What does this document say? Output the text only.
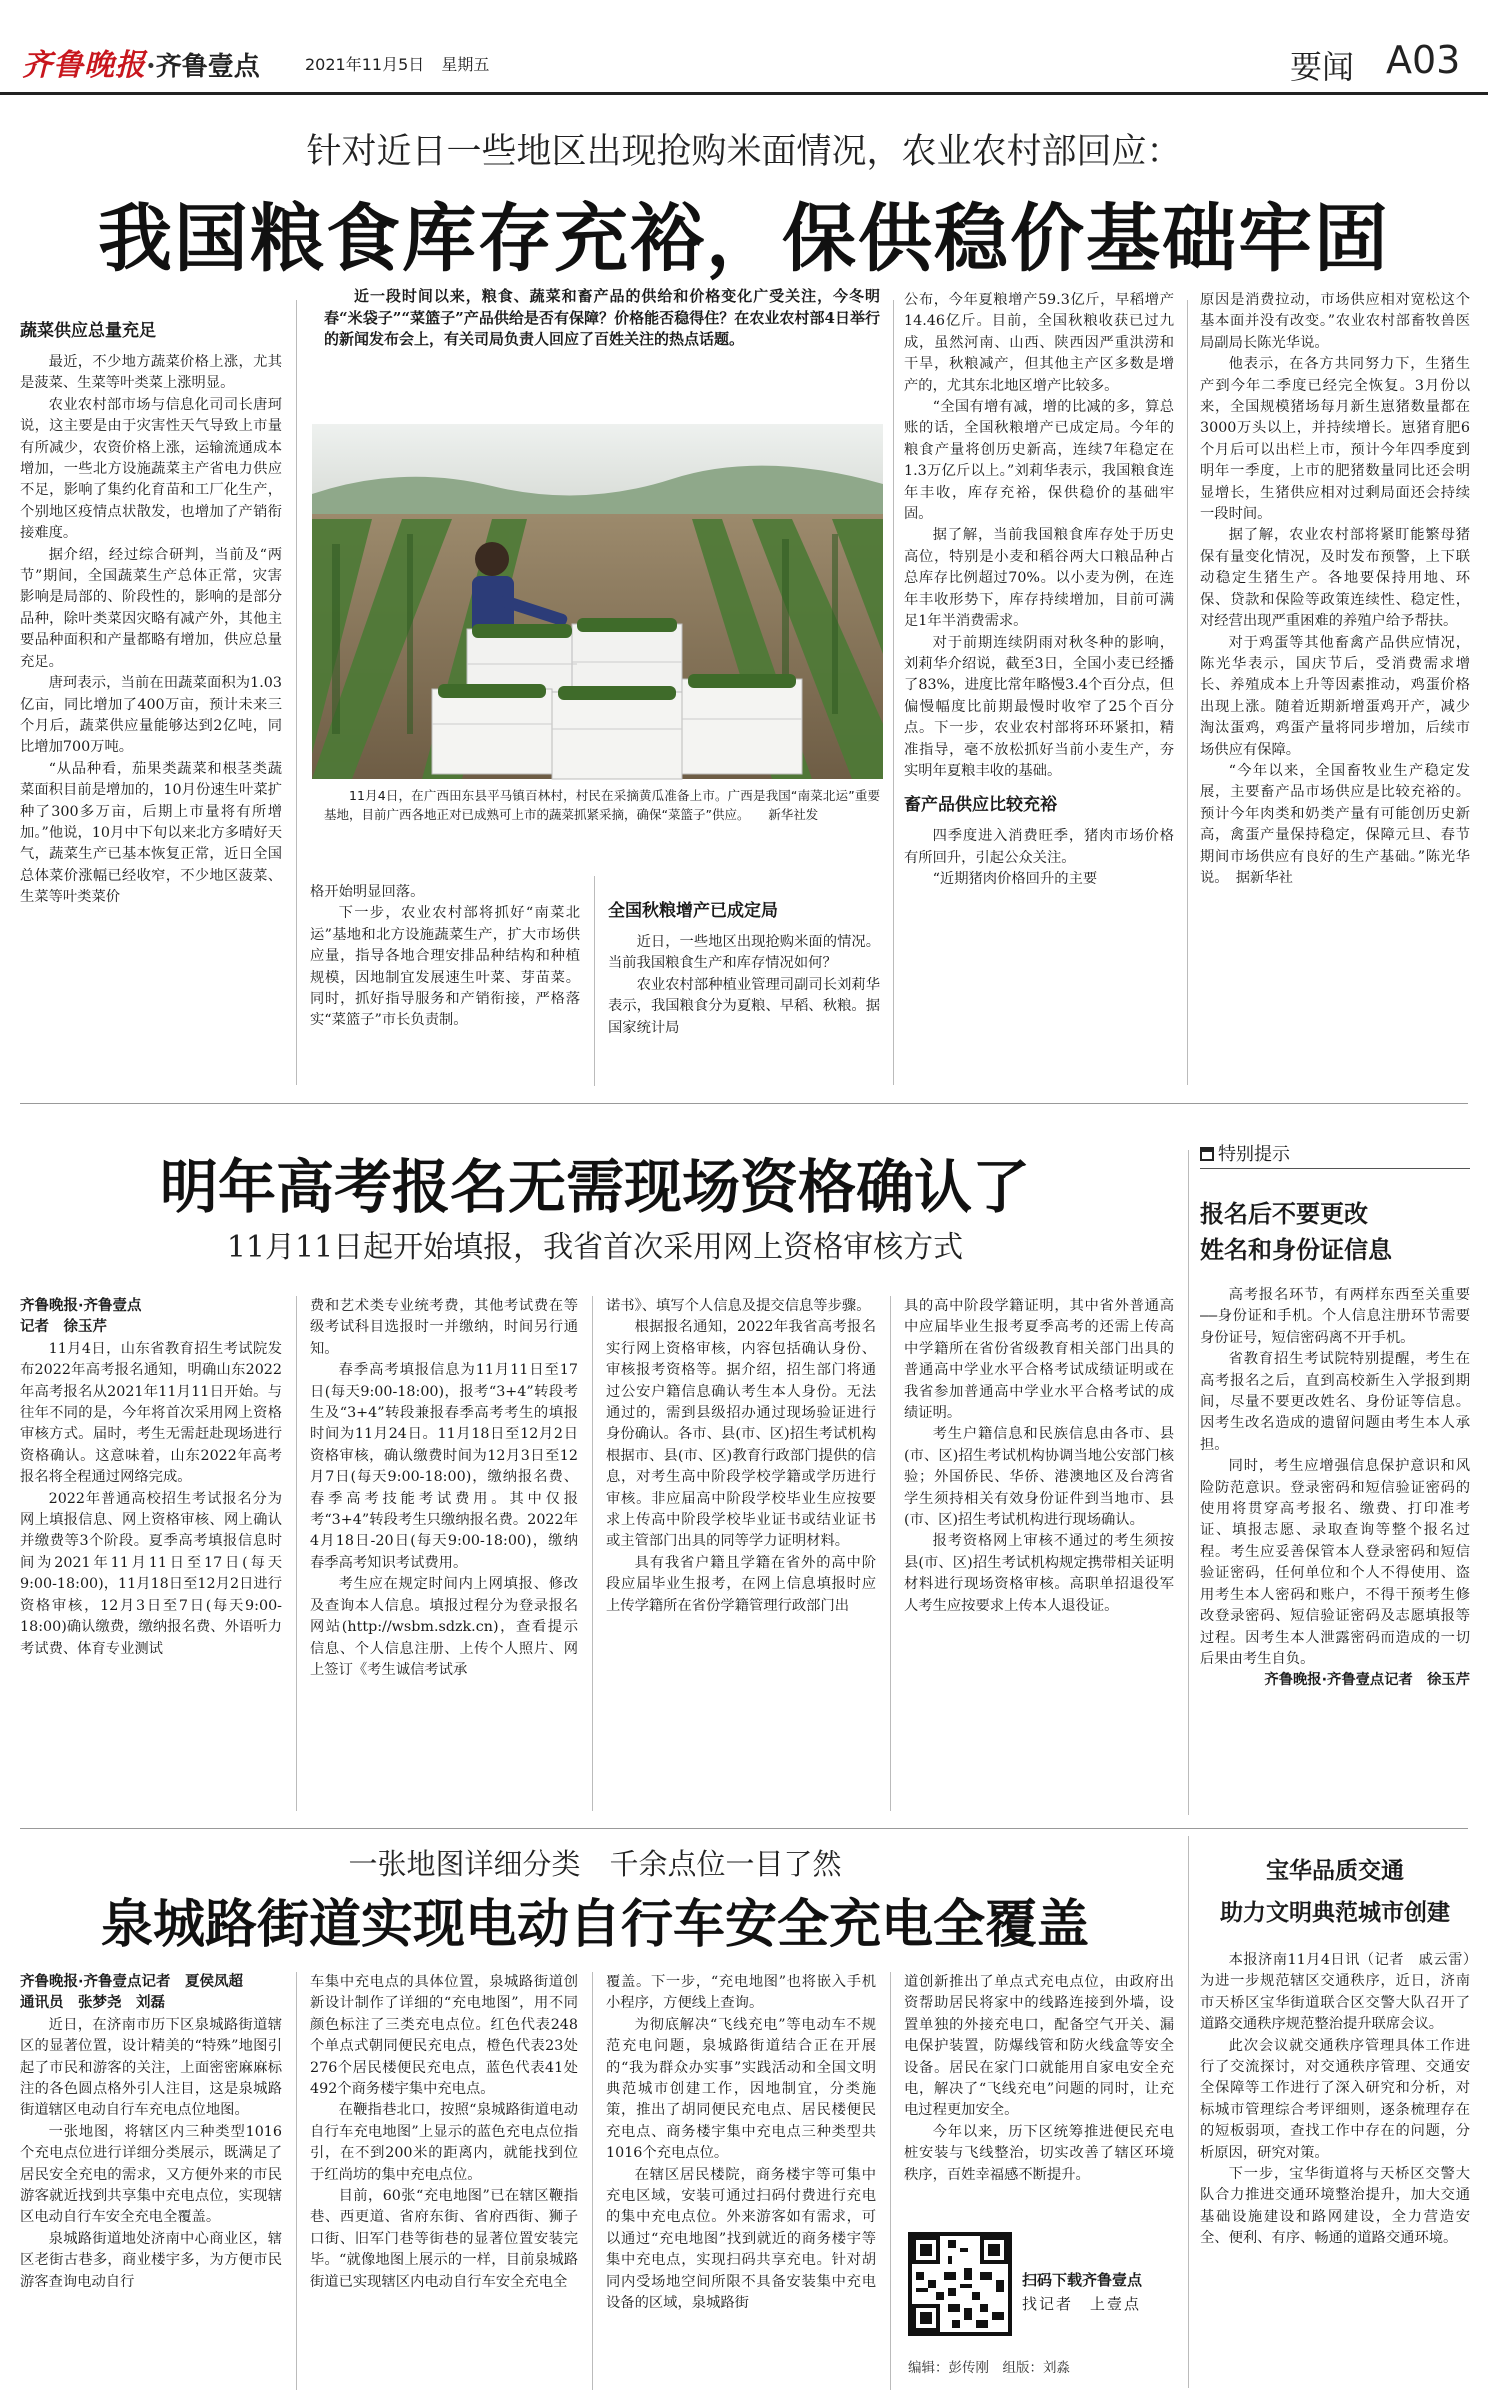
齐鲁晚报·齐鲁壹点	2021年11月5日 星期五	要闻 A03
针对近日一些地区出现抢购米面情况，农业农村部回应：
我国粮食库存充裕，保供稳价基础牢固

蔬菜供应总量充足

最近，不少地方蔬菜价格上涨，尤其是菠菜、生菜等叶类菜上涨明显。

农业农村部市场与信息化司司长唐珂说，这主要是由于灾害性天气导致上市量有所减少，农资价格上涨，运输流通成本增加，一些北方设施蔬菜主产省电力供应不足，影响了集约化育苗和工厂化生产，个别地区疫情点状散发，也增加了产销衔接难度。

据介绍，经过综合研判，当前及“两节”期间，全国蔬菜生产总体正常，灾害影响是局部的、阶段性的，影响的是部分品种，除叶类菜因灾略有减产外，其他主要品种面积和产量都略有增加，供应总量充足。

唐珂表示，当前在田蔬菜面积为1.03亿亩，同比增加了400万亩，预计未来三个月后，蔬菜供应量能够达到2亿吨，同比增加700万吨。

“从品种看，茄果类蔬菜和根茎类蔬菜面积目前是增加的，10月份速生叶菜扩种了300多万亩，后期上市量将有所增加。”他说，10月中下旬以来北方多晴好天气，蔬菜生产已基本恢复正常，近日全国总体菜价涨幅已经收窄，不少地区菠菜、生菜等叶类菜价

近一段时间以来，粮食、蔬菜和畜产品的供给和价格变化广受关注，今冬明春“米袋子”“菜篮子”产品供给是否有保障？价格能否稳得住？在农业农村部4日举行的新闻发布会上，有关司局负责人回应了百姓关注的热点话题。
11月4日，在广西田东县平马镇百林村，村民在采摘黄瓜准备上市。广西是我国“南菜北运”重要基地，目前广西各地正对已成熟可上市的蔬菜抓紧采摘，确保“菜篮子”供应。　　新华社发

格开始明显回落。

下一步，农业农村部将抓好“南菜北运”基地和北方设施蔬菜生产，扩大市场供应量，指导各地合理安排品种结构和种植规模，因地制宜发展速生叶菜、芽苗菜。同时，抓好指导服务和产销衔接，严格落实“菜篮子”市长负责制。

全国秋粮增产已成定局

近日，一些地区出现抢购米面的情况。当前我国粮食生产和库存情况如何？

农业农村部种植业管理司副司长刘莉华表示，我国粮食分为夏粮、早稻、秋粮。据国家统计局

公布，今年夏粮增产59.3亿斤，早稻增产14.46亿斤。目前，全国秋粮收获已过九成，虽然河南、山西、陕西因严重洪涝和干旱，秋粮减产，但其他主产区多数是增产的，尤其东北地区增产比较多。

“全国有增有减，增的比减的多，算总账的话，全国秋粮增产已成定局。今年的粮食产量将创历史新高，连续7年稳定在1.3万亿斤以上。”刘莉华表示，我国粮食连年丰收，库存充裕，保供稳价的基础牢固。

据了解，当前我国粮食库存处于历史高位，特别是小麦和稻谷两大口粮品种占总库存比例超过70%。以小麦为例，在连年丰收形势下，库存持续增加，目前可满足1年半消费需求。

对于前期连续阴雨对秋冬种的影响，刘莉华介绍说，截至3日，全国小麦已经播了83%，进度比常年略慢3.4个百分点，但偏慢幅度比前期最慢时收窄了25个百分点。下一步，农业农村部将环环紧扣，精准指导，毫不放松抓好当前小麦生产，夯实明年夏粮丰收的基础。

畜产品供应比较充裕

四季度进入消费旺季，猪肉市场价格有所回升，引起公众关注。

“近期猪肉价格回升的主要

原因是消费拉动，市场供应相对宽松这个基本面并没有改变。”农业农村部畜牧兽医局副局长陈光华说。

他表示，在各方共同努力下，生猪生产到今年二季度已经完全恢复。3月份以来，全国规模猪场每月新生崽猪数量都在3000万头以上，并持续增长。崽猪育肥6个月后可以出栏上市，预计今年四季度到明年一季度，上市的肥猪数量同比还会明显增长，生猪供应相对过剩局面还会持续一段时间。

据了解，农业农村部将紧盯能繁母猪保有量变化情况，及时发布预警，上下联动稳定生猪生产。各地要保持用地、环保、贷款和保险等政策连续性、稳定性，对经营出现严重困难的养殖户给予帮扶。

对于鸡蛋等其他畜禽产品供应情况，陈光华表示，国庆节后，受消费需求增长、养殖成本上升等因素推动，鸡蛋价格出现上涨。随着近期新增蛋鸡开产，减少淘汰蛋鸡，鸡蛋产量将同步增加，后续市场供应有保障。

“今年以来，全国畜牧业生产稳定发展，主要畜产品市场供应是比较充裕的。预计今年肉类和奶类产量有可能创历史新高，禽蛋产量保持稳定，保障元旦、春节期间市场供应有良好的生产基础。”陈光华说。　据新华社

明年高考报名无需现场资格确认了
11月11日起开始填报，我省首次采用网上资格审核方式

齐鲁晚报·齐鲁壹点

记者　徐玉芹

11月4日，山东省教育招生考试院发布2022年高考报名通知，明确山东2022年高考报名从2021年11月11日开始。与往年不同的是，今年将首次采用网上资格审核方式。届时，考生无需赶赴现场进行资格确认。这意味着，山东2022年高考报名将全程通过网络完成。

2022年普通高校招生考试报名分为网上填报信息、网上资格审核、网上确认并缴费等3个阶段。夏季高考填报信息时间为2021年11月11日至17日(每天9:00-18:00)，11月18日至12月2日进行资格审核，12月3日至7日(每天9:00-18:00)确认缴费，缴纳报名费、外语听力考试费、体育专业测试

费和艺术类专业统考费，其他考试费在等级考试科目选报时一并缴纳，时间另行通知。

春季高考填报信息为11月11日至17日(每天9:00-18:00)，报考“3+4”转段考生及“3+4”转段兼报春季高考考生的填报时间为11月24日。11月18日至12月2日资格审核，确认缴费时间为12月3日至12月7日(每天9:00-18:00)，缴纳报名费、春季高考技能考试费用。其中仅报考“3+4”转段考生只缴纳报名费。2022年4月18日-20日(每天9:00-18:00)，缴纳春季高考知识考试费用。

考生应在规定时间内上网填报、修改及查询本人信息。填报过程分为登录报名网站(http://wsbm.sdzk.cn)，查看提示信息、个人信息注册、上传个人照片、网上签订《考生诚信考试承

诺书》、填写个人信息及提交信息等步骤。

根据报名通知，2022年我省高考报名实行网上资格审核，内容包括确认身份、审核报考资格等。据介绍，招生部门将通过公安户籍信息确认考生本人身份。无法通过的，需到县级招办通过现场验证进行身份确认。各市、县(市、区)招生考试机构根据市、县(市、区)教育行政部门提供的信息，对考生高中阶段学校学籍或学历进行审核。非应届高中阶段学校毕业生应按要求上传高中阶段学校毕业证书或结业证书或主管部门出具的同等学力证明材料。

具有我省户籍且学籍在省外的高中阶段应届毕业生报考，在网上信息填报时应上传学籍所在省份学籍管理行政部门出

具的高中阶段学籍证明，其中省外普通高中应届毕业生报考夏季高考的还需上传高中学籍所在省份省级教育相关部门出具的普通高中学业水平合格考试成绩证明或在我省参加普通高中学业水平合格考试的成绩证明。

考生户籍信息和民族信息由各市、县(市、区)招生考试机构协调当地公安部门核验；外国侨民、华侨、港澳地区及台湾省学生须持相关有效身份证件到当地市、县(市、区)招生考试机构进行现场确认。

报考资格网上审核不通过的考生须按县(市、区)招生考试机构规定携带相关证明材料进行现场资格审核。高职单招退役军人考生应按要求上传本人退役证。

特别提示
报名后不要更改
姓名和身份证信息

高考报名环节，有两样东西至关重要——身份证和手机。个人信息注册环节需要身份证号，短信密码离不开手机。

省教育招生考试院特别提醒，考生在高考报名之后，直到高校新生入学报到期间，尽量不要更改姓名、身份证等信息。因考生改名造成的遗留问题由考生本人承担。

同时，考生应增强信息保护意识和风险防范意识。登录密码和短信验证密码的使用将贯穿高考报名、缴费、打印准考证、填报志愿、录取查询等整个报名过程。考生应妥善保管本人登录密码和短信验证密码，任何单位和个人不得使用、盗用考生本人密码和账户，不得干预考生修改登录密码、短信验证密码及志愿填报等过程。因考生本人泄露密码而造成的一切后果由考生自负。

齐鲁晚报·齐鲁壹点记者　徐玉芹

一张地图详细分类　千余点位一目了然
泉城路街道实现电动自行车安全充电全覆盖

齐鲁晚报·齐鲁壹点记者　夏侯凤超

通讯员　张梦尧　刘磊

近日，在济南市历下区泉城路街道辖区的显著位置，设计精美的“特殊”地图引起了市民和游客的关注，上面密密麻麻标注的各色圆点格外引人注目，这是泉城路街道辖区电动自行车充电点位地图。

一张地图，将辖区内三种类型1016个充电点位进行详细分类展示，既满足了居民安全充电的需求，又方便外来的市民游客就近找到共享集中充电点位，实现辖区电动自行车安全充电全覆盖。

泉城路街道地处济南中心商业区，辖区老街古巷多，商业楼宇多，为方便市民游客查询电动自行

车集中充电点的具体位置，泉城路街道创新设计制作了详细的“充电地图”，用不同颜色标注了三类充电点位。红色代表248个单点式朝同便民充电点，橙色代表23处276个居民楼便民充电点，蓝色代表41处492个商务楼宇集中充电点。

在鞭指巷北口，按照“泉城路街道电动自行车充电地图”上显示的蓝色充电点位指引，在不到200米的距离内，就能找到位于红尚坊的集中充电点位。

目前，60张“充电地图”已在辖区鞭指巷、西更道、省府东街、省府西街、狮子口街、旧军门巷等街巷的显著位置安装完毕。“就像地图上展示的一样，目前泉城路街道已实现辖区内电动自行车安全充电全

覆盖。下一步，“充电地图”也将嵌入手机小程序，方便线上查询。

为彻底解决“飞线充电”等电动车不规范充电问题，泉城路街道结合正在开展的“我为群众办实事”实践活动和全国文明典范城市创建工作，因地制宜，分类施策，推出了胡同便民充电点、居民楼便民充电点、商务楼宇集中充电点三种类型共1016个充电点位。

在辖区居民楼院，商务楼宇等可集中充电区域，安装可通过扫码付费进行充电的集中充电点位。外来游客如有需求，可以通过“充电地图”找到就近的商务楼宇等集中充电点，实现扫码共享充电。针对胡同内受场地空间所限不具备安装集中充电设备的区域，泉城路街

道创新推出了单点式充电点位，由政府出资帮助居民将家中的线路连接到外墙，设置单独的外接充电口，配备空气开关、漏电保护装置，防爆线管和防火线盒等安全设备。居民在家门口就能用自家电安全充电，解决了“飞线充电”问题的同时，让充电过程更加安全。

今年以来，历下区统筹推进便民充电桩安装与飞线整治，切实改善了辖区环境秩序，百姓幸福感不断提升。

扫码下载齐鲁壹点
找记者　上壹点
编辑：彭传刚　组版：刘淼
宝华品质交通
助力文明典范城市创建

本报济南11月4日讯（记者　戚云雷）　为进一步规范辖区交通秩序，近日，济南市天桥区宝华街道联合区交警大队召开了道路交通秩序规范整治提升联席会议。

此次会议就交通秩序管理具体工作进行了交流探讨，对交通秩序管理、交通安全保障等工作进行了深入研究和分析，对标城市管理综合考评细则，逐条梳理存在的短板弱项，查找工作中存在的问题，分析原因，研究对策。

下一步，宝华街道将与天桥区交警大队合力推进交通环境整治提升，加大交通基础设施建设和路网建设，全力营造安全、便利、有序、畅通的道路交通环境。
